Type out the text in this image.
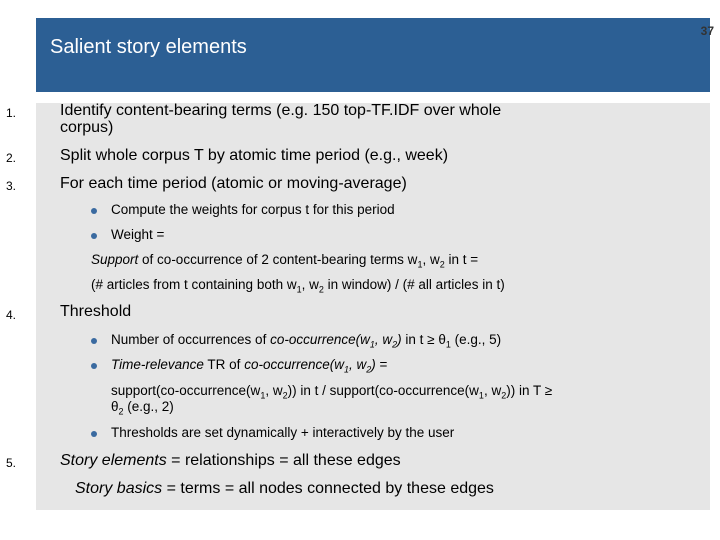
Salient story elements
37
1.	Identify content-bearing terms (e.g. 150 top-TF.IDF over whole
corpus)
2.	Split whole corpus T by atomic time period (e.g., week)
3.	For each time period (atomic or moving-average)
Compute the weights for corpus t for this period
Weight =
Support of co-occurrence of 2 content-bearing terms $w_1$, $w_2$ in t =
(# articles from t containing both $w_1$, $w_2$ in window) / (# all articles in t)
4.	Threshold
Number of occurrences of $co-occurrence(w_1$, $w_2$) in $t \ge \theta_1$ (e.g., 5)
Time-relevance TR of $co-occurrence(w_1$, $w_2$) =
$support(co-occurrence(w_1$, $w_2$)) in t / $support(co-occurrence(w_1$, $w_2$)) in T ≥
$\theta_2$ (e.g., 2)
Thresholds are set dynamically + interactively by the user
5.	Story elements = relationships = all these edges
Story basics = terms = all nodes connected by these edges
